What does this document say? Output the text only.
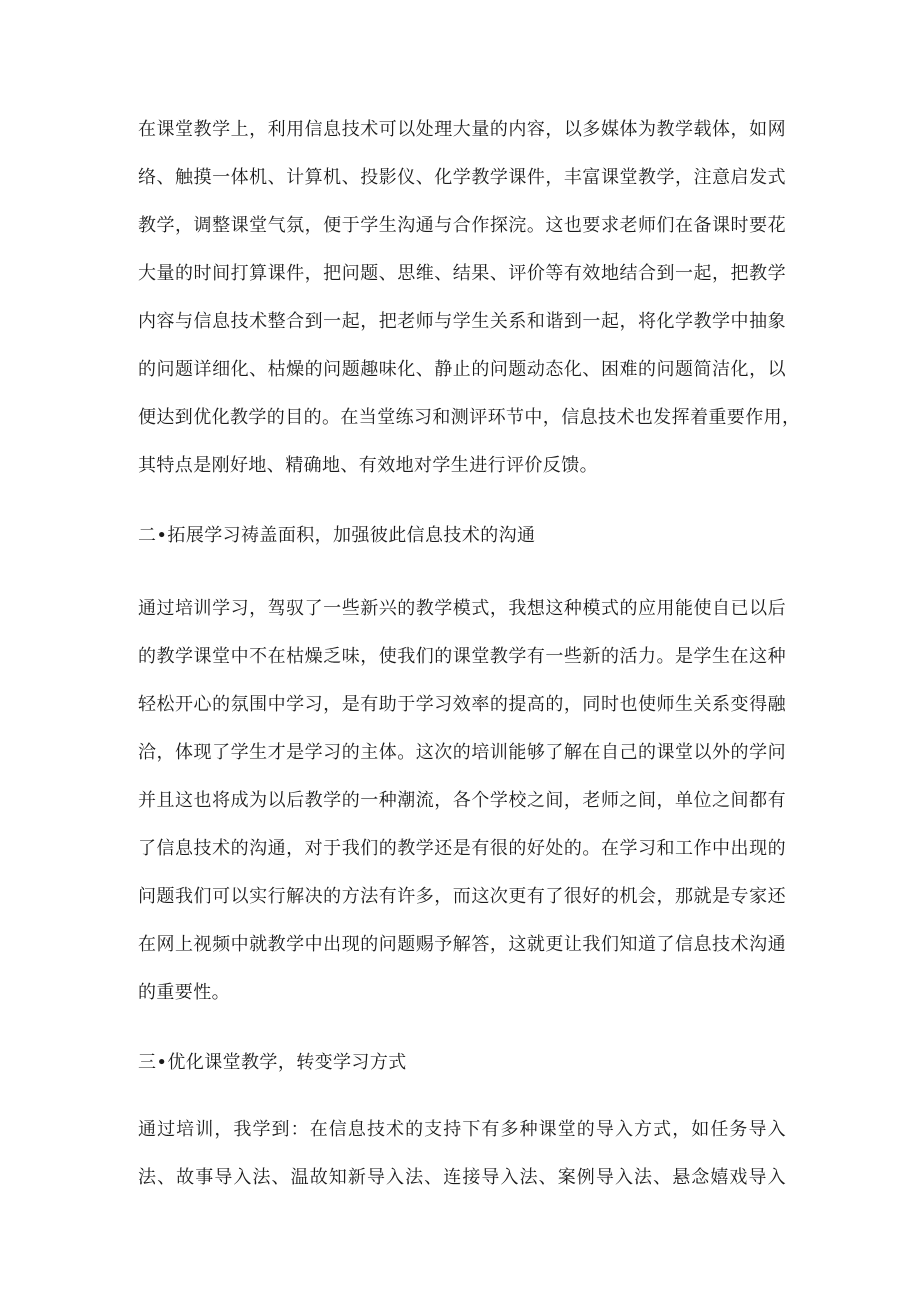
在课堂教学上，利用信息技术可以处理大量的内容，以多媒体为教学载体，如网
络、触摸一体机、计算机、投影仪、化学教学课件，丰富课堂教学，注意启发式
教学，调整课堂气氛，便于学生沟通与合作探浣。这也要求老师们在备课时要花
大量的时间打算课件，把问题、思维、结果、评价等有效地结合到一起，把教学
内容与信息技术整合到一起，把老师与学生关系和谐到一起，将化学教学中抽象
的问题详细化、枯燥的问题趣味化、静止的问题动态化、困难的问题简洁化，以
便达到优化教学的目的。在当堂练习和测评环节中，信息技术也发挥着重要作用，
其特点是刚好地、精确地、有效地对学生进行评价反馈。
二•拓展学习祷盖面积，加强彼此信息技术的沟通
通过培训学习，驾驭了一些新兴的教学模式，我想这种模式的应用能使自已以后
的教学课堂中不在枯燥乏味，使我们的课堂教学有一些新的活力。是学生在这种
轻松开心的氛围中学习，是有助于学习效率的提高的，同时也使师生关系变得融
洽，体现了学生才是学习的主体。这次的培训能够了解在自己的课堂以外的学问
并且这也将成为以后教学的一种潮流，各个学校之间，老师之间，单位之间都有
了信息技术的沟通，对于我们的教学还是有很的好处的。在学习和工作中出现的
问题我们可以实行解决的方法有许多，而这次更有了很好的机会，那就是专家还
在网上视频中就教学中出现的问题赐予解答，这就更让我们知道了信息技术沟通
的重要性。
三•优化课堂教学，转变学习方式
通过培训，我学到：在信息技术的支持下有多种课堂的导入方式，如任务导入
法、故事导入法、温故知新导入法、连接导入法、案例导入法、悬念嬉戏导入
